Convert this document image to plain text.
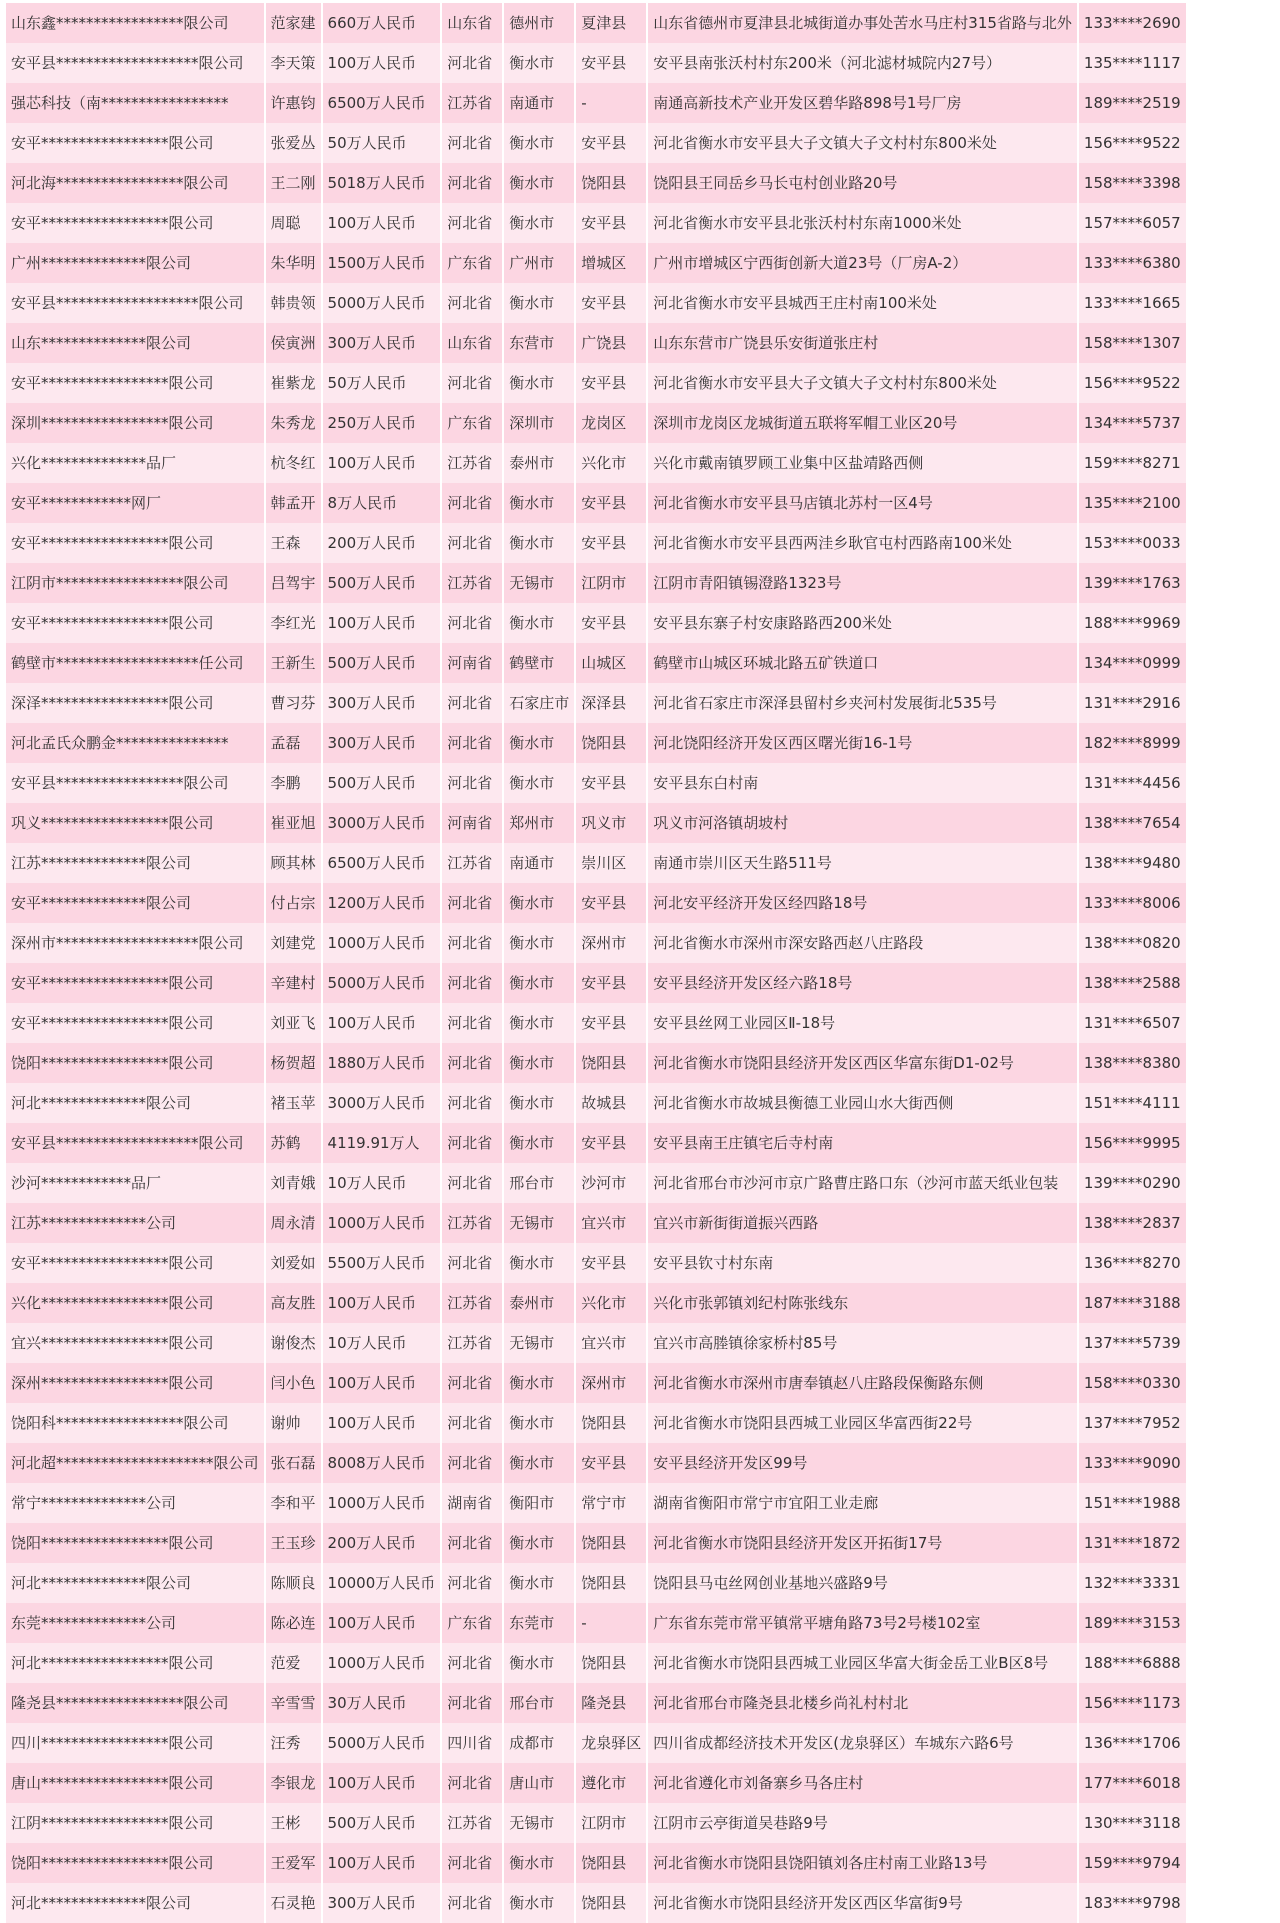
山东鑫*****************限公司	范家建	660万人民币	山东省	德州市	夏津县	山东省德州市夏津县北城街道办事处苦水马庄村315省路与北外	133****2690
安平县*******************限公司	李天策	100万人民币	河北省	衡水市	安平县	安平县南张沃村村东200米（河北滤材城院内27号）	135****1117
强芯科技（南*****************	许惠钧	6500万人民币	江苏省	南通市	-	南通高新技术产业开发区碧华路898号1号厂房	189****2519
安平*****************限公司	张爱丛	50万人民币	河北省	衡水市	安平县	河北省衡水市安平县大子文镇大子文村村东800米处	156****9522
河北海*****************限公司	王二刚	5018万人民币	河北省	衡水市	饶阳县	饶阳县王同岳乡马长屯村创业路20号	158****3398
安平*****************限公司	周聪	100万人民币	河北省	衡水市	安平县	河北省衡水市安平县北张沃村村东南1000米处	157****6057
广州**************限公司	朱华明	1500万人民币	广东省	广州市	增城区	广州市增城区宁西街创新大道23号（厂房A-2）	133****6380
安平县*******************限公司	韩贵领	5000万人民币	河北省	衡水市	安平县	河北省衡水市安平县城西王庄村南100米处	133****1665
山东**************限公司	侯寅洲	300万人民币	山东省	东营市	广饶县	山东东营市广饶县乐安街道张庄村	158****1307
安平*****************限公司	崔紫龙	50万人民币	河北省	衡水市	安平县	河北省衡水市安平县大子文镇大子文村村东800米处	156****9522
深圳*****************限公司	朱秀龙	250万人民币	广东省	深圳市	龙岗区	深圳市龙岗区龙城街道五联将军帽工业区20号	134****5737
兴化**************品厂	杭冬红	100万人民币	江苏省	泰州市	兴化市	兴化市戴南镇罗顾工业集中区盐靖路西侧	159****8271
安平************网厂	韩孟开	8万人民币	河北省	衡水市	安平县	河北省衡水市安平县马店镇北苏村一区4号	135****2100
安平*****************限公司	王森	200万人民币	河北省	衡水市	安平县	河北省衡水市安平县西两洼乡耿官屯村西路南100米处	153****0033
江阴市*****************限公司	吕驾宇	500万人民币	江苏省	无锡市	江阴市	江阴市青阳镇锡澄路1323号	139****1763
安平*****************限公司	李红光	100万人民币	河北省	衡水市	安平县	安平县东寨子村安康路路西200米处	188****9969
鹤壁市*******************任公司	王新生	500万人民币	河南省	鹤壁市	山城区	鹤壁市山城区环城北路五矿铁道口	134****0999
深泽*****************限公司	曹习芬	300万人民币	河北省	石家庄市	深泽县	河北省石家庄市深泽县留村乡夹河村发展街北535号	131****2916
河北孟氏众鹏金***************	孟磊	300万人民币	河北省	衡水市	饶阳县	河北饶阳经济开发区西区曙光街16-1号	182****8999
安平县*****************限公司	李鹏	500万人民币	河北省	衡水市	安平县	安平县东白村南	131****4456
巩义*****************限公司	崔亚旭	3000万人民币	河南省	郑州市	巩义市	巩义市河洛镇胡坡村	138****7654
江苏**************限公司	顾其林	6500万人民币	江苏省	南通市	崇川区	南通市崇川区天生路511号	138****9480
安平**************限公司	付占宗	1200万人民币	河北省	衡水市	安平县	河北安平经济开发区经四路18号	133****8006
深州市*******************限公司	刘建党	1000万人民币	河北省	衡水市	深州市	河北省衡水市深州市深安路西赵八庄路段	138****0820
安平*****************限公司	辛建村	5000万人民币	河北省	衡水市	安平县	安平县经济开发区经六路18号	138****2588
安平*****************限公司	刘亚飞	100万人民币	河北省	衡水市	安平县	安平县丝网工业园区Ⅱ-18号	131****6507
饶阳*****************限公司	杨贺超	1880万人民币	河北省	衡水市	饶阳县	河北省衡水市饶阳县经济开发区西区华富东街D1-02号	138****8380
河北**************限公司	褚玉苹	3000万人民币	河北省	衡水市	故城县	河北省衡水市故城县衡德工业园山水大街西侧	151****4111
安平县*******************限公司	苏鹤	4119.91万人	河北省	衡水市	安平县	安平县南王庄镇宅后寺村南	156****9995
沙河************品厂	刘青娥	10万人民币	河北省	邢台市	沙河市	河北省邢台市沙河市京广路曹庄路口东（沙河市蓝天纸业包装	139****0290
江苏**************公司	周永清	1000万人民币	江苏省	无锡市	宜兴市	宜兴市新街街道振兴西路	138****2837
安平*****************限公司	刘爱如	5500万人民币	河北省	衡水市	安平县	安平县钦寸村东南	136****8270
兴化*****************限公司	高友胜	100万人民币	江苏省	泰州市	兴化市	兴化市张郭镇刘纪村陈张线东	187****3188
宜兴*****************限公司	谢俊杰	10万人民币	江苏省	无锡市	宜兴市	宜兴市高塍镇徐家桥村85号	137****5739
深州*****************限公司	闫小色	100万人民币	河北省	衡水市	深州市	河北省衡水市深州市唐奉镇赵八庄路段保衡路东侧	158****0330
饶阳科*****************限公司	谢帅	100万人民币	河北省	衡水市	饶阳县	河北省衡水市饶阳县西城工业园区华富西街22号	137****7952
河北超*********************限公司	张石磊	8008万人民币	河北省	衡水市	安平县	安平县经济开发区99号	133****9090
常宁**************公司	李和平	1000万人民币	湖南省	衡阳市	常宁市	湖南省衡阳市常宁市宜阳工业走廊	151****1988
饶阳*****************限公司	王玉珍	200万人民币	河北省	衡水市	饶阳县	河北省衡水市饶阳县经济开发区开拓街17号	131****1872
河北**************限公司	陈顺良	10000万人民币	河北省	衡水市	饶阳县	饶阳县马屯丝网创业基地兴盛路9号	132****3331
东莞**************公司	陈必连	100万人民币	广东省	东莞市	-	广东省东莞市常平镇常平塘角路73号2号楼102室	189****3153
河北*****************限公司	范爱	1000万人民币	河北省	衡水市	饶阳县	河北省衡水市饶阳县西城工业园区华富大街金岳工业B区8号	188****6888
隆尧县*****************限公司	辛雪雪	30万人民币	河北省	邢台市	隆尧县	河北省邢台市隆尧县北楼乡尚礼村村北	156****1173
四川*****************限公司	汪秀	5000万人民币	四川省	成都市	龙泉驿区	四川省成都经济技术开发区(龙泉驿区）车城东六路6号	136****1706
唐山*****************限公司	李银龙	100万人民币	河北省	唐山市	遵化市	河北省遵化市刘备寨乡马各庄村	177****6018
江阴*****************限公司	王彬	500万人民币	江苏省	无锡市	江阴市	江阴市云亭街道吴巷路9号	130****3118
饶阳*****************限公司	王爱军	100万人民币	河北省	衡水市	饶阳县	河北省衡水市饶阳县饶阳镇刘各庄村南工业路13号	159****9794
河北**************限公司	石灵艳	300万人民币	河北省	衡水市	饶阳县	河北省衡水市饶阳县经济开发区西区华富街9号	183****9798
